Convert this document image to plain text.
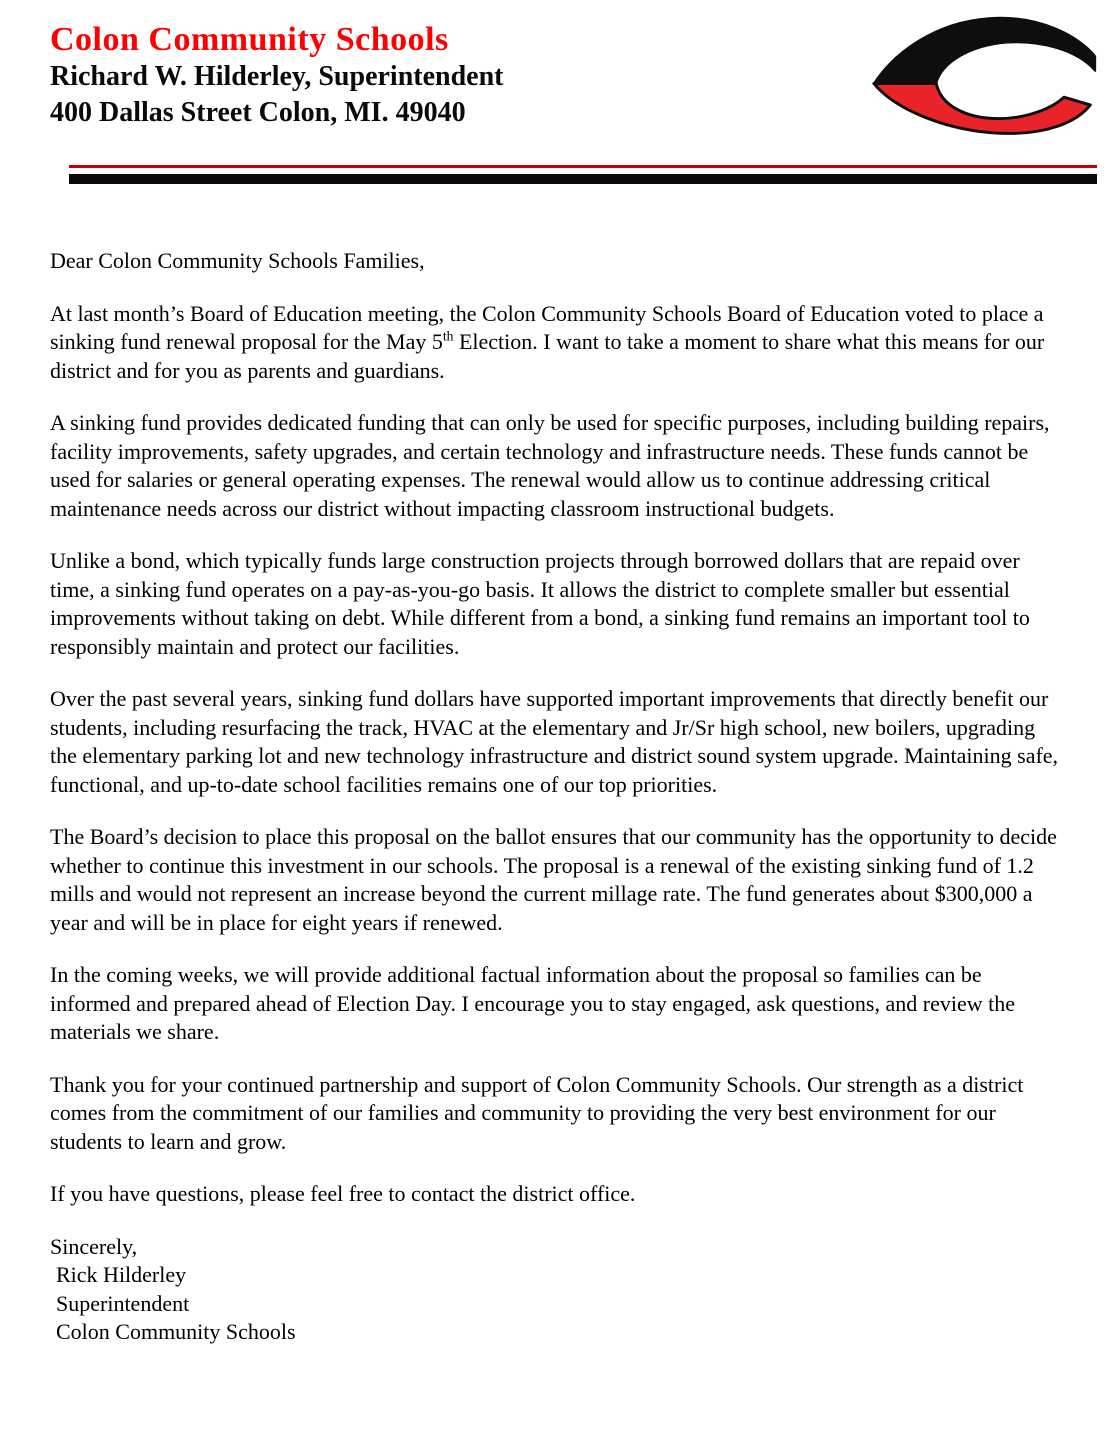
Colon Community Schools
Richard W. Hilderley, Superintendent
400 Dallas Street Colon, MI. 49040

Dear Colon Community Schools Families,

At last month’s Board of Education meeting, the Colon Community Schools Board of Education voted to place a sinking fund renewal proposal for the May 5th Election. I want to take a moment to share what this means for our district and for you as parents and guardians.

A sinking fund provides dedicated funding that can only be used for specific purposes, including building repairs, facility improvements, safety upgrades, and certain technology and infrastructure needs. These funds cannot be used for salaries or general operating expenses. The renewal would allow us to continue addressing critical maintenance needs across our district without impacting classroom instructional budgets.

Unlike a bond, which typically funds large construction projects through borrowed dollars that are repaid over time, a sinking fund operates on a pay-as-you-go basis. It allows the district to complete smaller but essential improvements without taking on debt. While different from a bond, a sinking fund remains an important tool to responsibly maintain and protect our facilities.

Over the past several years, sinking fund dollars have supported important improvements that directly benefit our students, including resurfacing the track, HVAC at the elementary and Jr/Sr high school, new boilers, upgrading the elementary parking lot and new technology infrastructure and district sound system upgrade. Maintaining safe, functional, and up-to-date school facilities remains one of our top priorities.

The Board’s decision to place this proposal on the ballot ensures that our community has the opportunity to decide whether to continue this investment in our schools. The proposal is a renewal of the existing sinking fund of 1.2 mills and would not represent an increase beyond the current millage rate. The fund generates about $300,000 a year and will be in place for eight years if renewed.

In the coming weeks, we will provide additional factual information about the proposal so families can be informed and prepared ahead of Election Day. I encourage you to stay engaged, ask questions, and review the materials we share.

Thank you for your continued partnership and support of Colon Community Schools. Our strength as a district comes from the commitment of our families and community to providing the very best environment for our students to learn and grow.

If you have questions, please feel free to contact the district office.

Sincerely,
Rick Hilderley
Superintendent
Colon Community Schools
